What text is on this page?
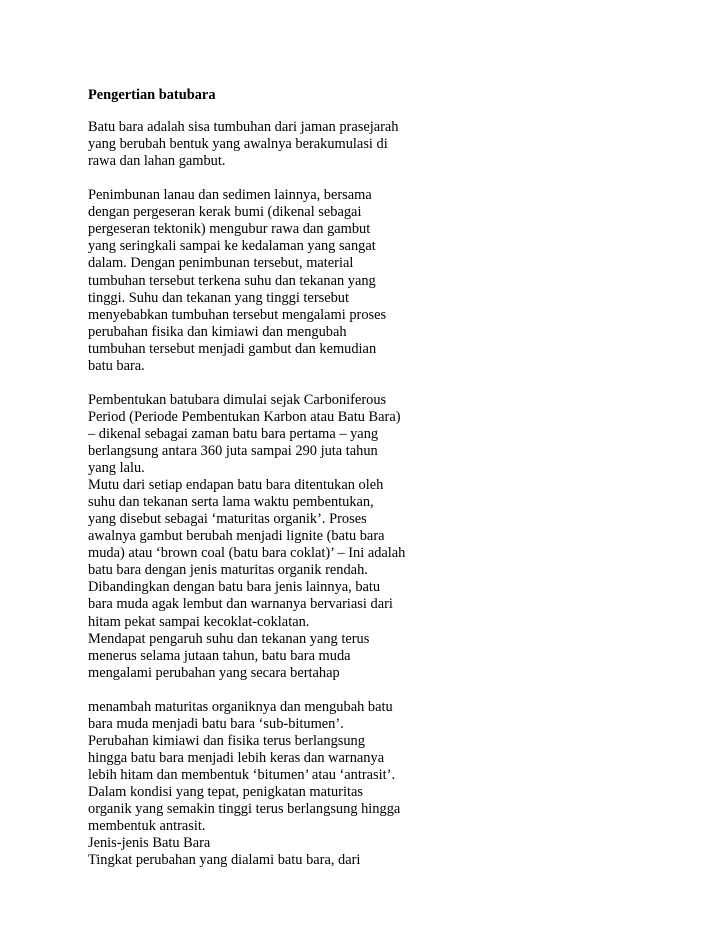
Pengertian batubara
Batu bara adalah sisa tumbuhan dari jaman prasejarah
yang berubah bentuk yang awalnya berakumulasi di
rawa dan lahan gambut.
Penimbunan lanau dan sedimen lainnya, bersama
dengan pergeseran kerak bumi (dikenal sebagai
pergeseran tektonik) mengubur rawa dan gambut
yang seringkali sampai ke kedalaman yang sangat
dalam. Dengan penimbunan tersebut, material
tumbuhan tersebut terkena suhu dan tekanan yang
tinggi. Suhu dan tekanan yang tinggi tersebut
menyebabkan tumbuhan tersebut mengalami proses
perubahan fisika dan kimiawi dan mengubah
tumbuhan tersebut menjadi gambut dan kemudian
batu bara.
Pembentukan batubara dimulai sejak Carboniferous
Period (Periode Pembentukan Karbon atau Batu Bara)
– dikenal sebagai zaman batu bara pertama – yang
berlangsung antara 360 juta sampai 290 juta tahun
yang lalu.
Mutu dari setiap endapan batu bara ditentukan oleh
suhu dan tekanan serta lama waktu pembentukan,
yang disebut sebagai ‘maturitas organik’. Proses
awalnya gambut berubah menjadi lignite (batu bara
muda) atau ‘brown coal (batu bara coklat)’ – Ini adalah
batu bara dengan jenis maturitas organik rendah.
Dibandingkan dengan batu bara jenis lainnya, batu
bara muda agak lembut dan warnanya bervariasi dari
hitam pekat sampai kecoklat-coklatan.
Mendapat pengaruh suhu dan tekanan yang terus
menerus selama jutaan tahun, batu bara muda
mengalami perubahan yang secara bertahap
menambah maturitas organiknya dan mengubah batu
bara muda menjadi batu bara ‘sub-bitumen’.
Perubahan kimiawi dan fisika terus berlangsung
hingga batu bara menjadi lebih keras dan warnanya
lebih hitam dan membentuk ‘bitumen’ atau ‘antrasit’.
Dalam kondisi yang tepat, penigkatan maturitas
organik yang semakin tinggi terus berlangsung hingga
membentuk antrasit.
Jenis-jenis Batu Bara
Tingkat perubahan yang dialami batu bara, dari
